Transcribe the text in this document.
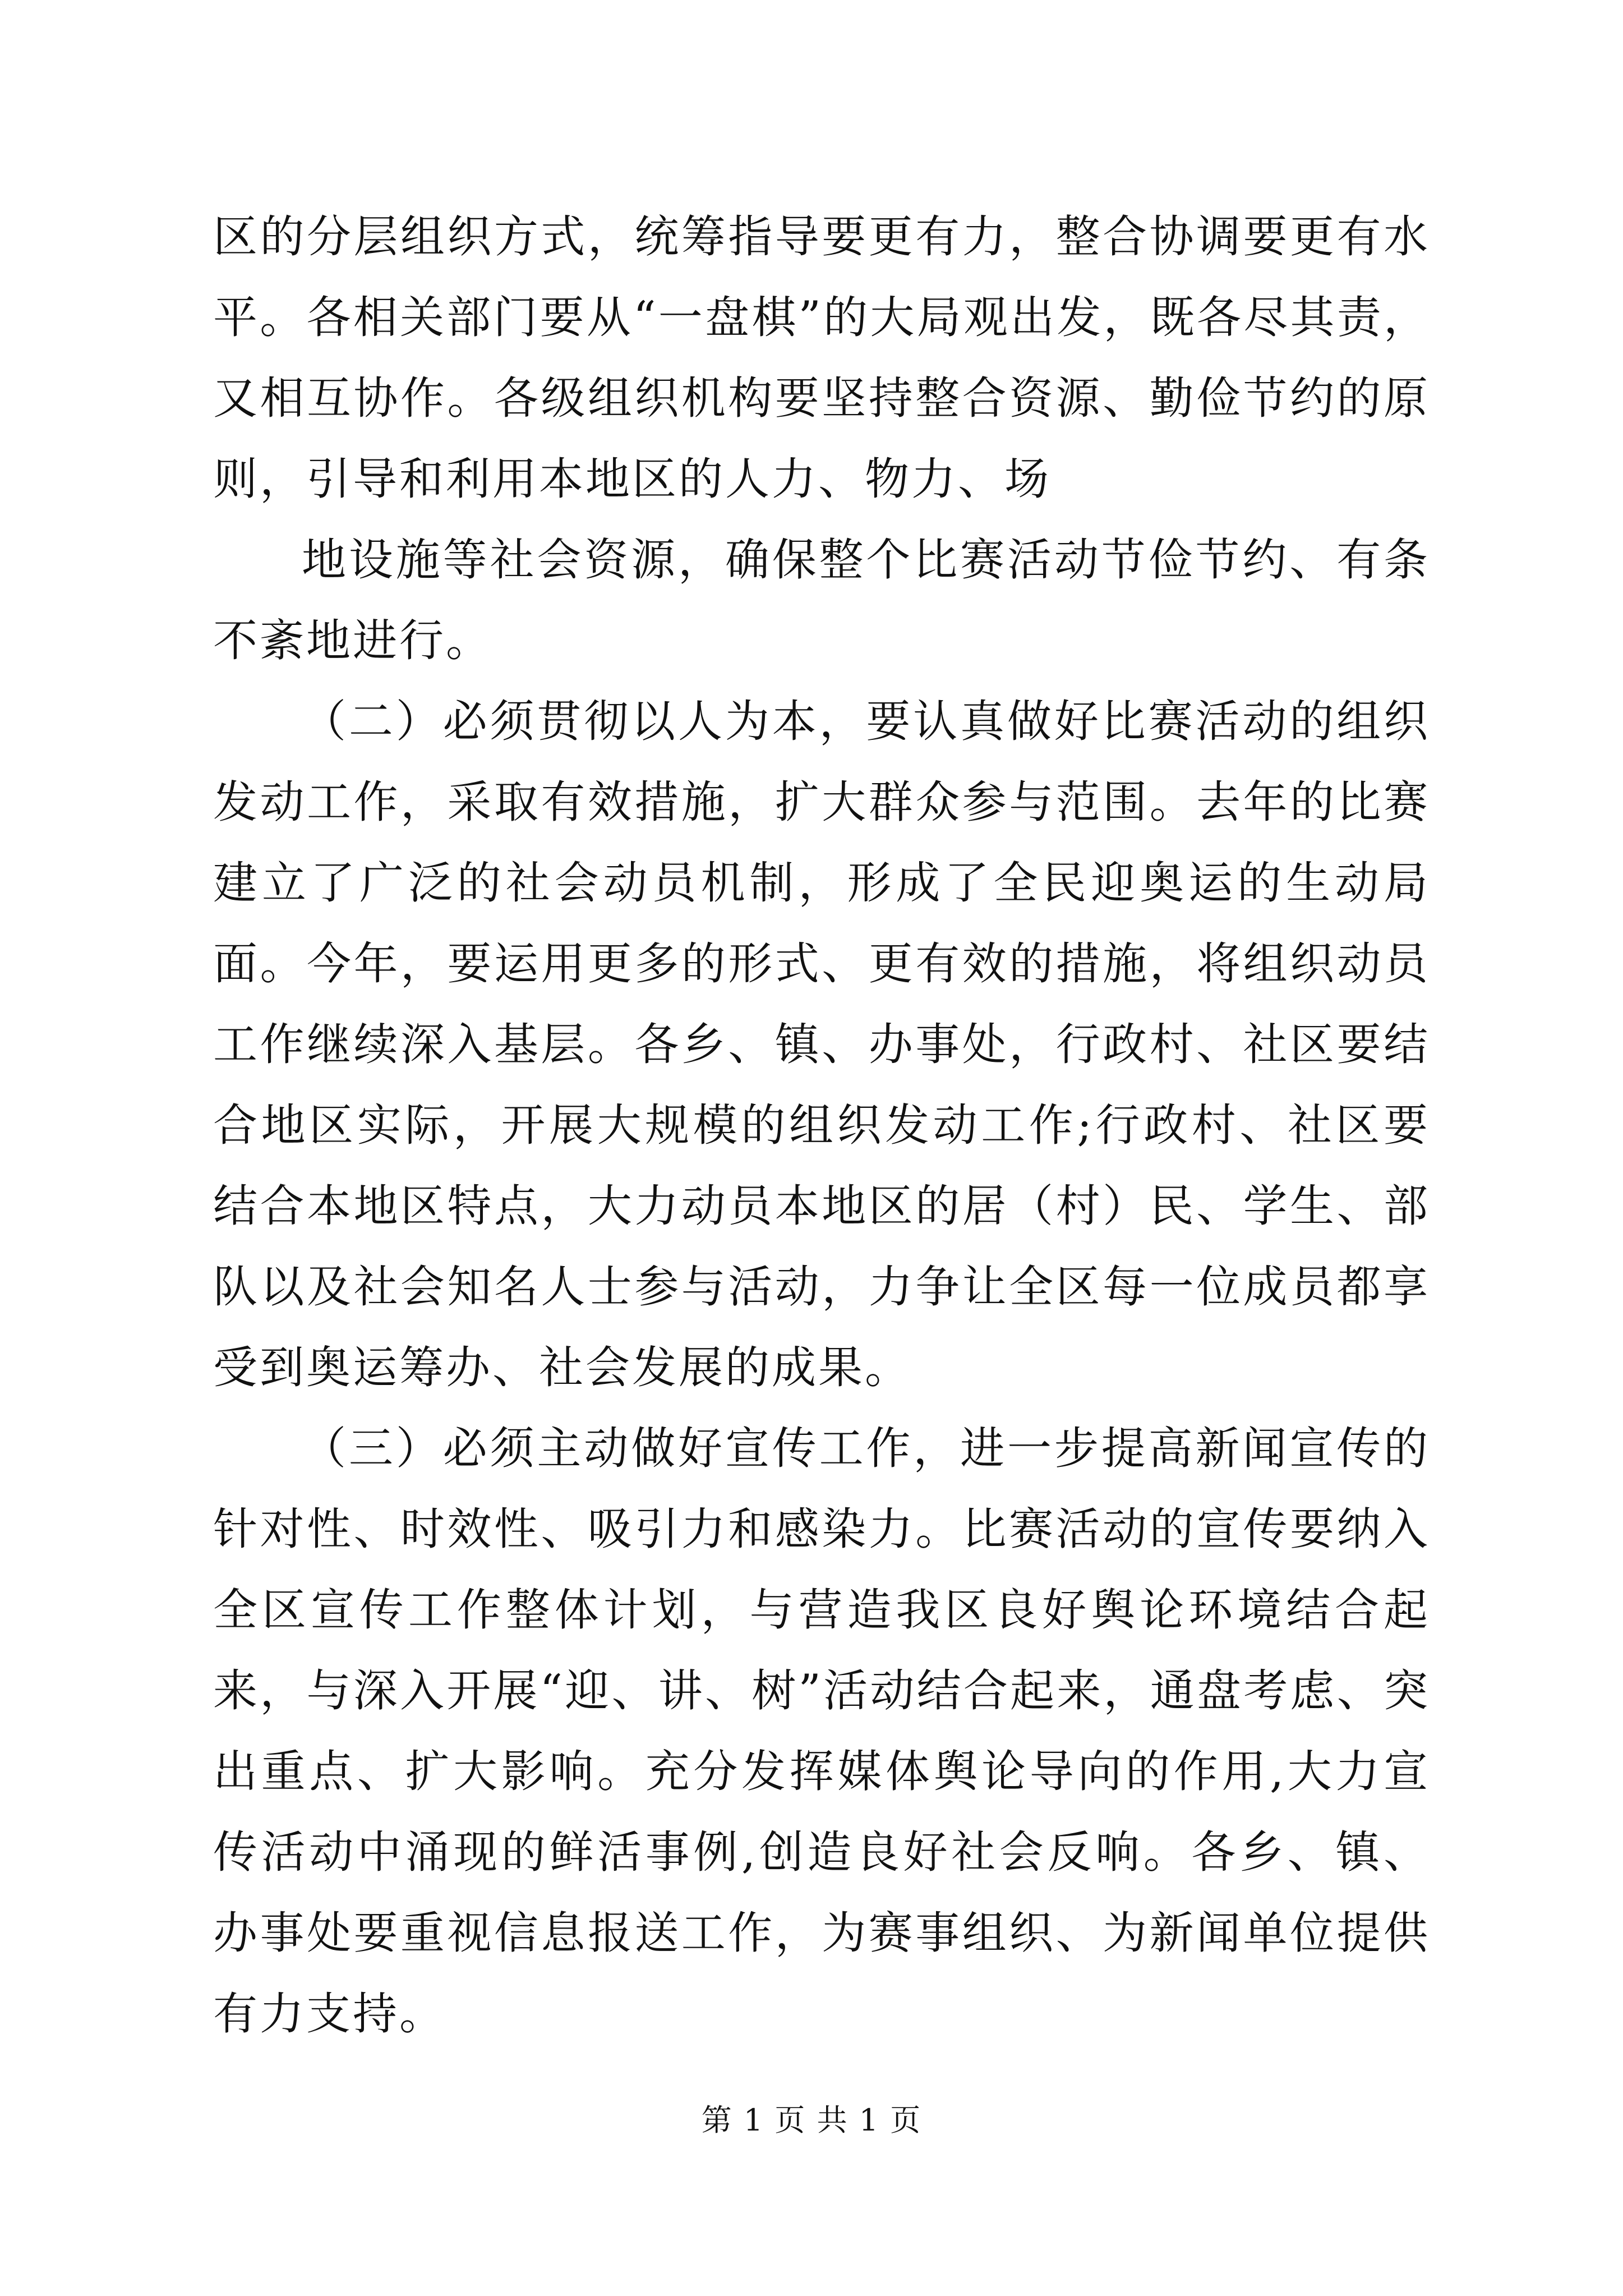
区的分层组织方式，统筹指导要更有力，整合协调要更有水平。各相关部门要从“一盘棋”的大局观出发，既各尽其责，又相互协作。各级组织机构要坚持整合资源、勤俭节约的原则，引导和利用本地区的人力、物力、场

地设施等社会资源，确保整个比赛活动节俭节约、有条不紊地进行。

（二）必须贯彻以人为本，要认真做好比赛活动的组织发动工作，采取有效措施，扩大群众参与范围。去年的比赛建立了广泛的社会动员机制，形成了全民迎奥运的生动局面。今年，要运用更多的形式、更有效的措施，将组织动员工作继续深入基层。各乡、镇、办事处，行政村、社区要结合地区实际，开展大规模的组织发动工作;行政村、社区要结合本地区特点，大力动员本地区的居（村）民、学生、部队以及社会知名人士参与活动，力争让全区每一位成员都享受到奥运筹办、社会发展的成果。

（三）必须主动做好宣传工作，进一步提高新闻宣传的针对性、时效性、吸引力和感染力。比赛活动的宣传要纳入全区宣传工作整体计划，与营造我区良好舆论环境结合起来，与深入开展“迎、讲、树”活动结合起来，通盘考虑、突出重点、扩大影响。充分发挥媒体舆论导向的作用,大力宣传活动中涌现的鲜活事例,创造良好社会反响。各乡、镇、办事处要重视信息报送工作，为赛事组织、为新闻单位提供有力支持。

第 1 页 共 1 页
